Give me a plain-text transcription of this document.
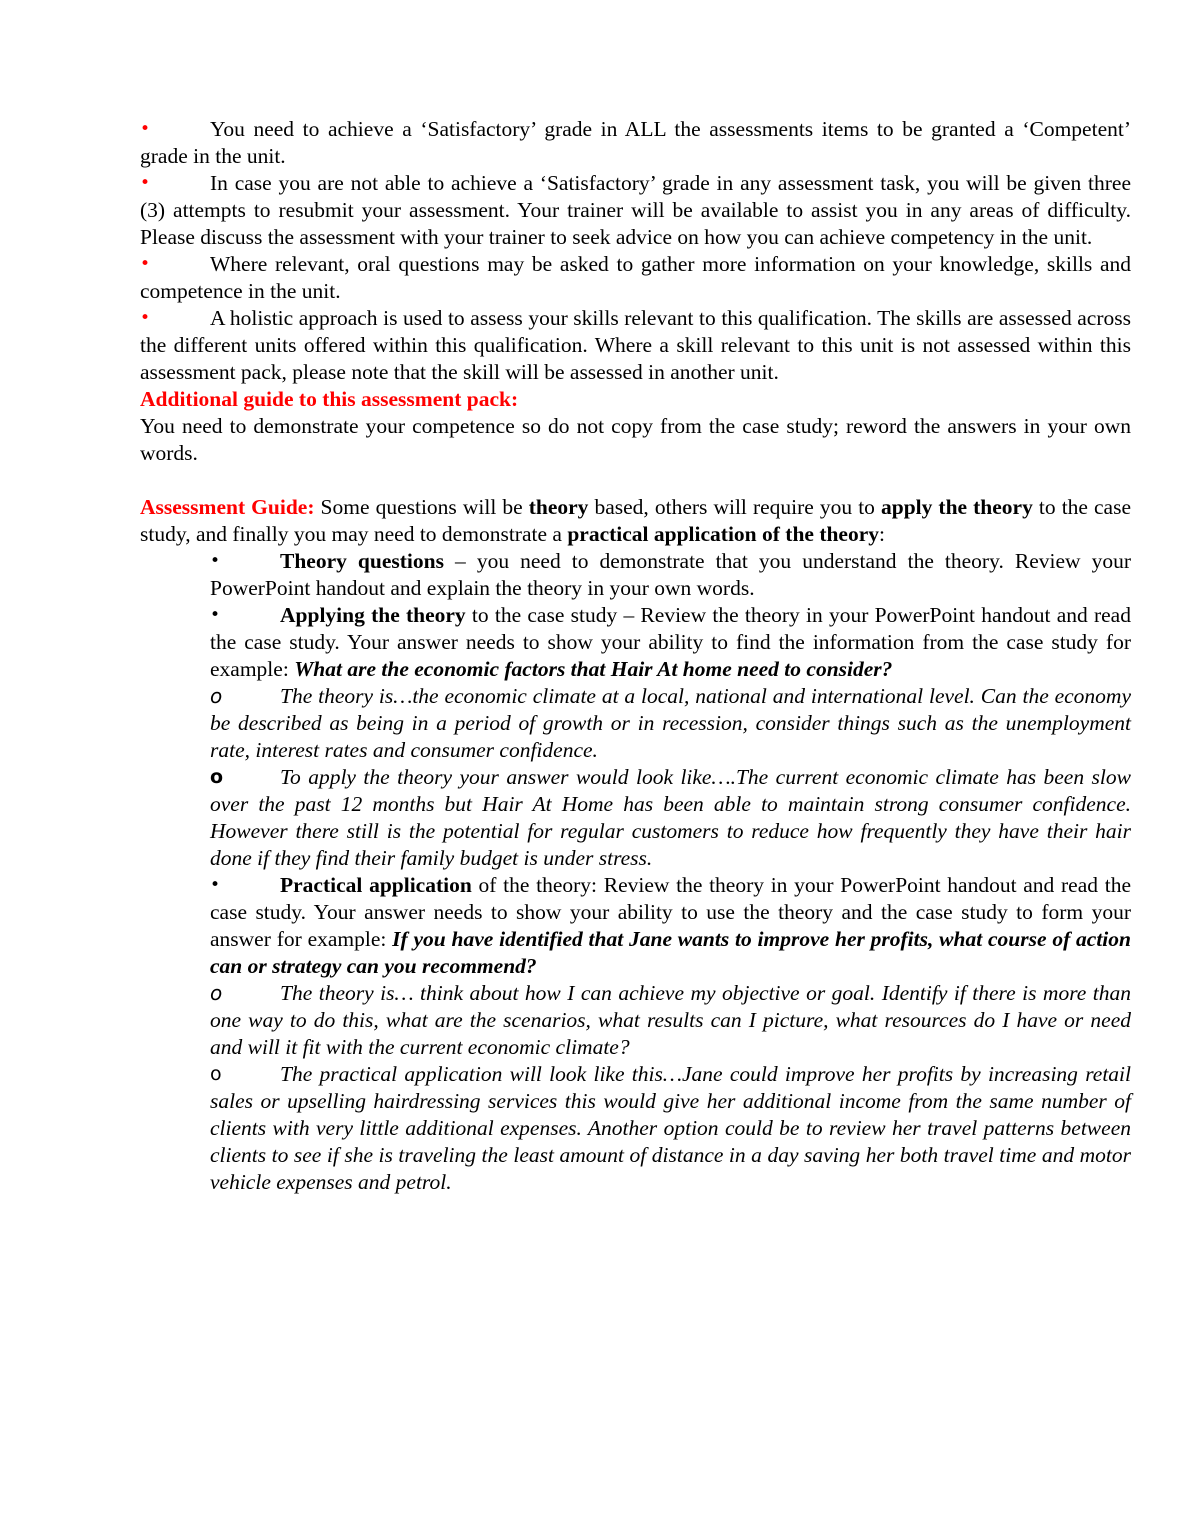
•	You need to achieve a ‘Satisfactory’ grade in ALL the assessments items to be granted a ‘Competent’ grade in the unit.
•	In case you are not able to achieve a ‘Satisfactory’ grade in any assessment task, you will be given three (3) attempts to resubmit your assessment. Your trainer will be available to assist you in any areas of difficulty. Please discuss the assessment with your trainer to seek advice on how you can achieve competency in the unit.
•	Where relevant, oral questions may be asked to gather more information on your knowledge, skills and competence in the unit.
•	A holistic approach is used to assess your skills relevant to this qualification. The skills are assessed across the different units offered within this qualification. Where a skill relevant to this unit is not assessed within this assessment pack, please note that the skill will be assessed in another unit.

Additional guide to this assessment pack:

You need to demonstrate your competence so do not copy from the case study; reword the answers in your own words.

Assessment Guide: Some questions will be theory based, others will require you to apply the theory to the case study, and finally you may need to demonstrate a practical application of the theory:

•	Theory questions – you need to demonstrate that you understand the theory. Review your PowerPoint handout and explain the theory in your own words.
•	Applying the theory to the case study – Review the theory in your PowerPoint handout and read the case study. Your answer needs to show your ability to find the information from the case study for example: What are the economic factors that Hair At home need to consider?
o	The theory is…the economic climate at a local, national and international level. Can the economy be described as being in a period of growth or in recession, consider things such as the unemployment rate, interest rates and consumer confidence.
o	To apply the theory your answer would look like….The current economic climate has been slow over the past 12 months but Hair At Home has been able to maintain strong consumer confidence. However there still is the potential for regular customers to reduce how frequently they have their hair done if they find their family budget is under stress.
•	Practical application of the theory: Review the theory in your PowerPoint handout and read the case study. Your answer needs to show your ability to use the theory and the case study to form your answer for example: If you have identified that Jane wants to improve her profits, what course of action can or strategy can you recommend?
o	The theory is… think about how I can achieve my objective or goal. Identify if there is more than one way to do this, what are the scenarios, what results can I picture, what resources do I have or need and will it fit with the current economic climate?
o	The practical application will look like this…Jane could improve her profits by increasing retail sales or upselling hairdressing services this would give her additional income from the same number of clients with very little additional expenses. Another option could be to review her travel patterns between clients to see if she is traveling the least amount of distance in a day saving her both travel time and motor vehicle expenses and petrol.
